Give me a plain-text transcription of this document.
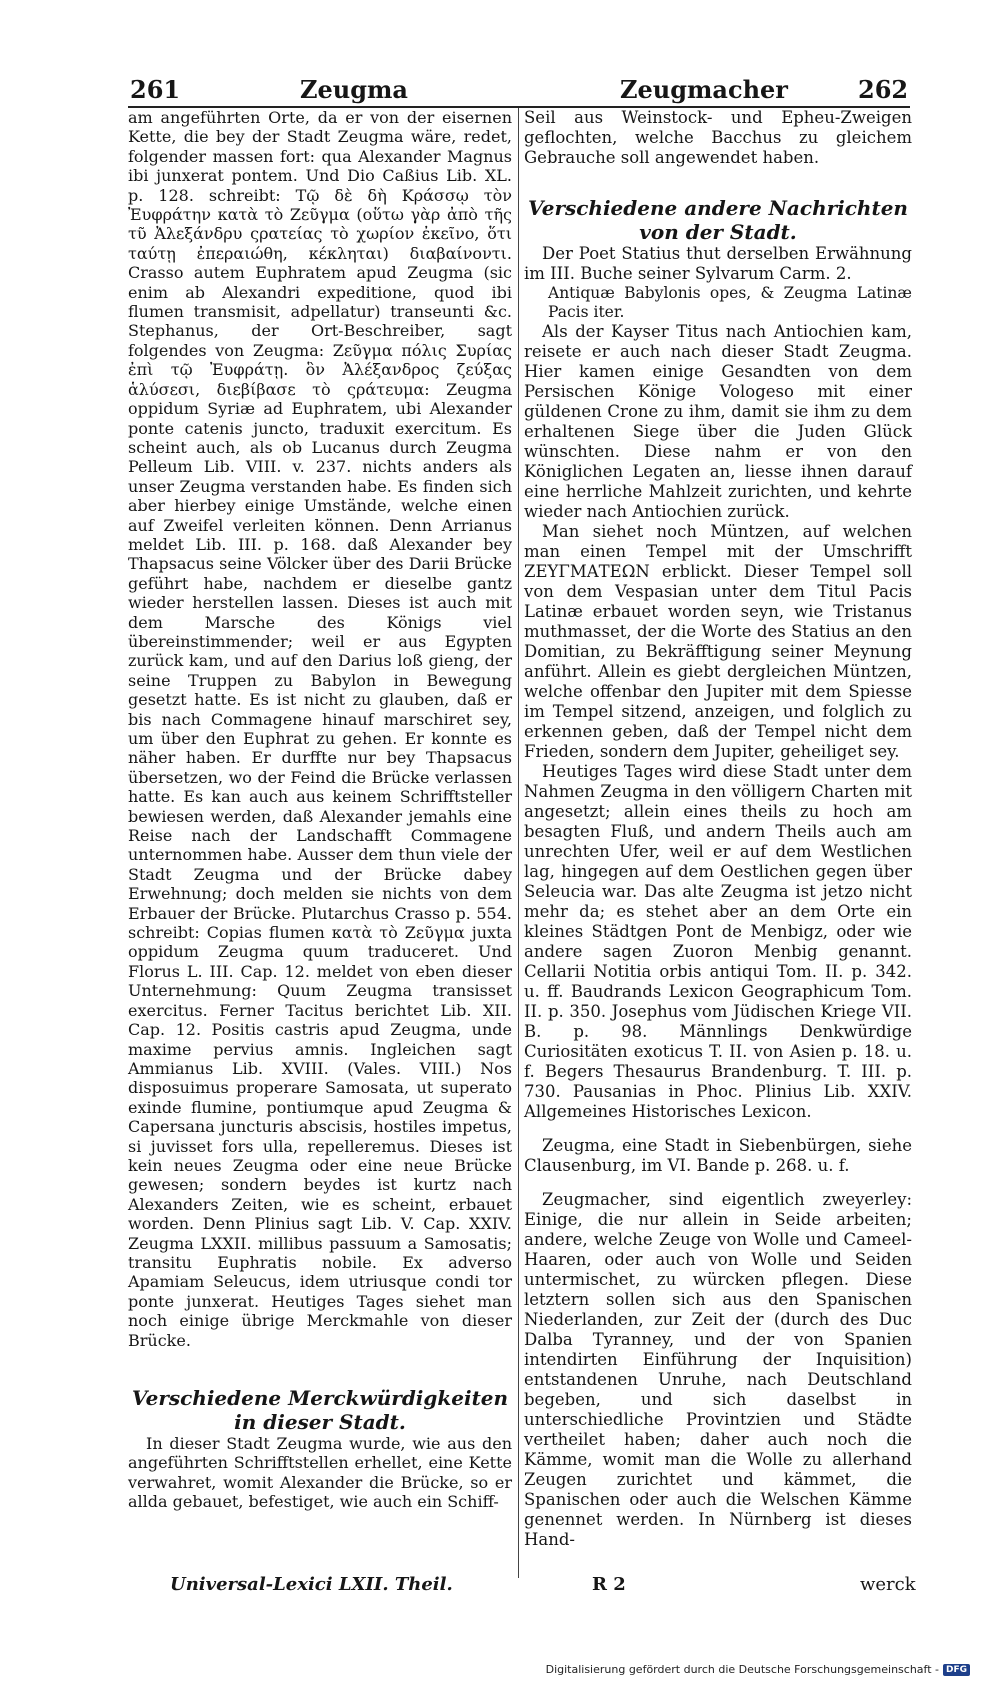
261	Zeugma	Zeugmacher	262

am angeführten Orte, da er von der eisernen Kette, die bey der Stadt Zeugma wäre, redet, folgender massen fort: qua Alexander Magnus ibi junxerat pontem. Und Dio Caßius Lib. XL. p. 128. schreibt: Τῷ δὲ δὴ Κράσσῳ τὸν Ἐυφράτην κατὰ τὸ Ζεῦγμα (οὕτω γὰρ ἀπὸ τῆς τῦ Ἀλεξάνδρυ ςρατείας τὸ χωρίον ἐκεῖνο, ὅτι ταύτῃ ἐπεραιώθη, κέκληται) διαβαίνοντι. Crasso autem Euphratem apud Zeugma (sic enim ab Alexandri expeditione, quod ibi flumen transmisit, adpellatur) transeunti &c. Stephanus, der Ort-Beschreiber, sagt folgendes von Zeugma: Ζεῦγμα πόλις Συρίας ἐπὶ τῷ Ἐυφράτῃ. ὃν Ἀλέξανδρος ζεύξας ἁλύσεσι, διεβίβασε τὸ ςράτευμα: Zeugma oppidum Syriæ ad Euphratem, ubi Alexander ponte catenis juncto, traduxit exercitum. Es scheint auch, als ob Lucanus durch Zeugma Pelleum Lib. VIII. v. 237. nichts anders als unser Zeugma verstanden habe. Es finden sich aber hierbey einige Umstände, welche einen auf Zweifel verleiten können. Denn Arrianus meldet Lib. III. p. 168. daß Alexander bey Thapsacus seine Völcker über des Darii Brücke geführt habe, nachdem er dieselbe gantz wieder herstellen lassen. Dieses ist auch mit dem Marsche des Königs viel übereinstimmender; weil er aus Egypten zurück kam, und auf den Darius loß gieng, der seine Truppen zu Babylon in Bewegung gesetzt hatte. Es ist nicht zu glauben, daß er bis nach Commagene hinauf marschiret sey, um über den Euphrat zu gehen. Er konnte es näher haben. Er durffte nur bey Thapsacus übersetzen, wo der Feind die Brücke verlassen hatte. Es kan auch aus keinem Schrifftsteller bewiesen werden, daß Alexander jemahls eine Reise nach der Landschafft Commagene unternommen habe. Ausser dem thun viele der Stadt Zeugma und der Brücke dabey Erwehnung; doch melden sie nichts von dem Erbauer der Brücke. Plutarchus Crasso p. 554. schreibt: Copias flumen κατὰ τὸ Ζεῦγμα juxta oppidum Zeugma quum traduceret. Und Florus L. III. Cap. 12. meldet von eben dieser Unternehmung: Quum Zeugma transisset exercitus. Ferner Tacitus berichtet Lib. XII. Cap. 12. Positis castris apud Zeugma, unde maxime pervius amnis. Ingleichen sagt Ammianus Lib. XVIII. (Vales. VIII.) Nos disposuimus properare Samosata, ut superato exinde flumine, pontiumque apud Zeugma & Capersana juncturis abscisis, hostiles impetus, si juvisset fors ulla, repelleremus. Dieses ist kein neues Zeugma oder eine neue Brücke gewesen; sondern beydes ist kurtz nach Alexanders Zeiten, wie es scheint, erbauet worden. Denn Plinius sagt Lib. V. Cap. XXIV. Zeugma LXXII. millibus passuum a Samosatis; transitu Euphratis nobile. Ex adverso Apamiam Seleucus, idem utriusque condi tor ponte junxerat. Heutiges Tages siehet man noch einige übrige Merckmahle von dieser Brücke.

Verschiedene Merckwürdigkeiten in dieser Stadt.

In dieser Stadt Zeugma wurde, wie aus den angeführten Schrifftstellen erhellet, eine Kette verwahret, womit Alexander die Brücke, so er allda gebauet, befestiget, wie auch ein Schiff-

Seil aus Weinstock- und Epheu-Zweigen geflochten, welche Bacchus zu gleichem Gebrauche soll angewendet haben.

Verschiedene andere Nachrichten von der Stadt.

Der Poet Statius thut derselben Erwähnung im III. Buche seiner Sylvarum Carm. 2.

Antiquæ Babylonis opes, & Zeugma Latinæ Pacis iter.

Als der Kayser Titus nach Antiochien kam, reisete er auch nach dieser Stadt Zeugma. Hier kamen einige Gesandten von dem Persischen Könige Vologeso mit einer güldenen Crone zu ihm, damit sie ihm zu dem erhaltenen Siege über die Juden Glück wünschten. Diese nahm er von den Königlichen Legaten an, liesse ihnen darauf eine herrliche Mahlzeit zurichten, und kehrte wieder nach Antiochien zurück.

Man siehet noch Müntzen, auf welchen man einen Tempel mit der Umschrifft ΖΕΥΓΜΑΤΕΩΝ erblickt. Dieser Tempel soll von dem Vespasian unter dem Titul Pacis Latinæ erbauet worden seyn, wie Tristanus muthmasset, der die Worte des Statius an den Domitian, zu Bekräfftigung seiner Meynung anführt. Allein es giebt dergleichen Müntzen, welche offenbar den Jupiter mit dem Spiesse im Tempel sitzend, anzeigen, und folglich zu erkennen geben, daß der Tempel nicht dem Frieden, sondern dem Jupiter, geheiliget sey.

Heutiges Tages wird diese Stadt unter dem Nahmen Zeugma in den völligern Charten mit angesetzt; allein eines theils zu hoch am besagten Fluß, und andern Theils auch am unrechten Ufer, weil er auf dem Westlichen lag, hingegen auf dem Oestlichen gegen über Seleucia war. Das alte Zeugma ist jetzo nicht mehr da; es stehet aber an dem Orte ein kleines Städtgen Pont de Menbigz, oder wie andere sagen Zuoron Menbig genannt. Cellarii Notitia orbis antiqui Tom. II. p. 342. u. ff. Baudrands Lexicon Geographicum Tom. II. p. 350. Josephus vom Jüdischen Kriege VII. B. p. 98. Männlings Denkwürdige Curiositäten exoticus T. II. von Asien p. 18. u. f. Begers Thesaurus Brandenburg. T. III. p. 730. Pausanias in Phoc. Plinius Lib. XXIV. Allgemeines Historisches Lexicon.

Zeugma, eine Stadt in Siebenbürgen, siehe Clausenburg, im VI. Bande p. 268. u. f.

Zeugmacher, sind eigentlich zweyerley: Einige, die nur allein in Seide arbeiten; andere, welche Zeuge von Wolle und Cameel-Haaren, oder auch von Wolle und Seiden untermischet, zu würcken pflegen. Diese letztern sollen sich aus den Spanischen Niederlanden, zur Zeit der (durch des Duc Dalba Tyranney, und der von Spanien intendirten Einführung der Inquisition) entstandenen Unruhe, nach Deutschland begeben, und sich daselbst in unterschiedliche Provintzien und Städte vertheilet haben; daher auch noch die Kämme, womit man die Wolle zu allerhand Zeugen zurichtet und kämmet, die Spanischen oder auch die Welschen Kämme genennet werden. In Nürnberg ist dieses Hand-

Universal-Lexici LXII. Theil.	R 2	werck
Digitalisierung gefördert durch die Deutsche Forschungsgemeinschaft - DFG
